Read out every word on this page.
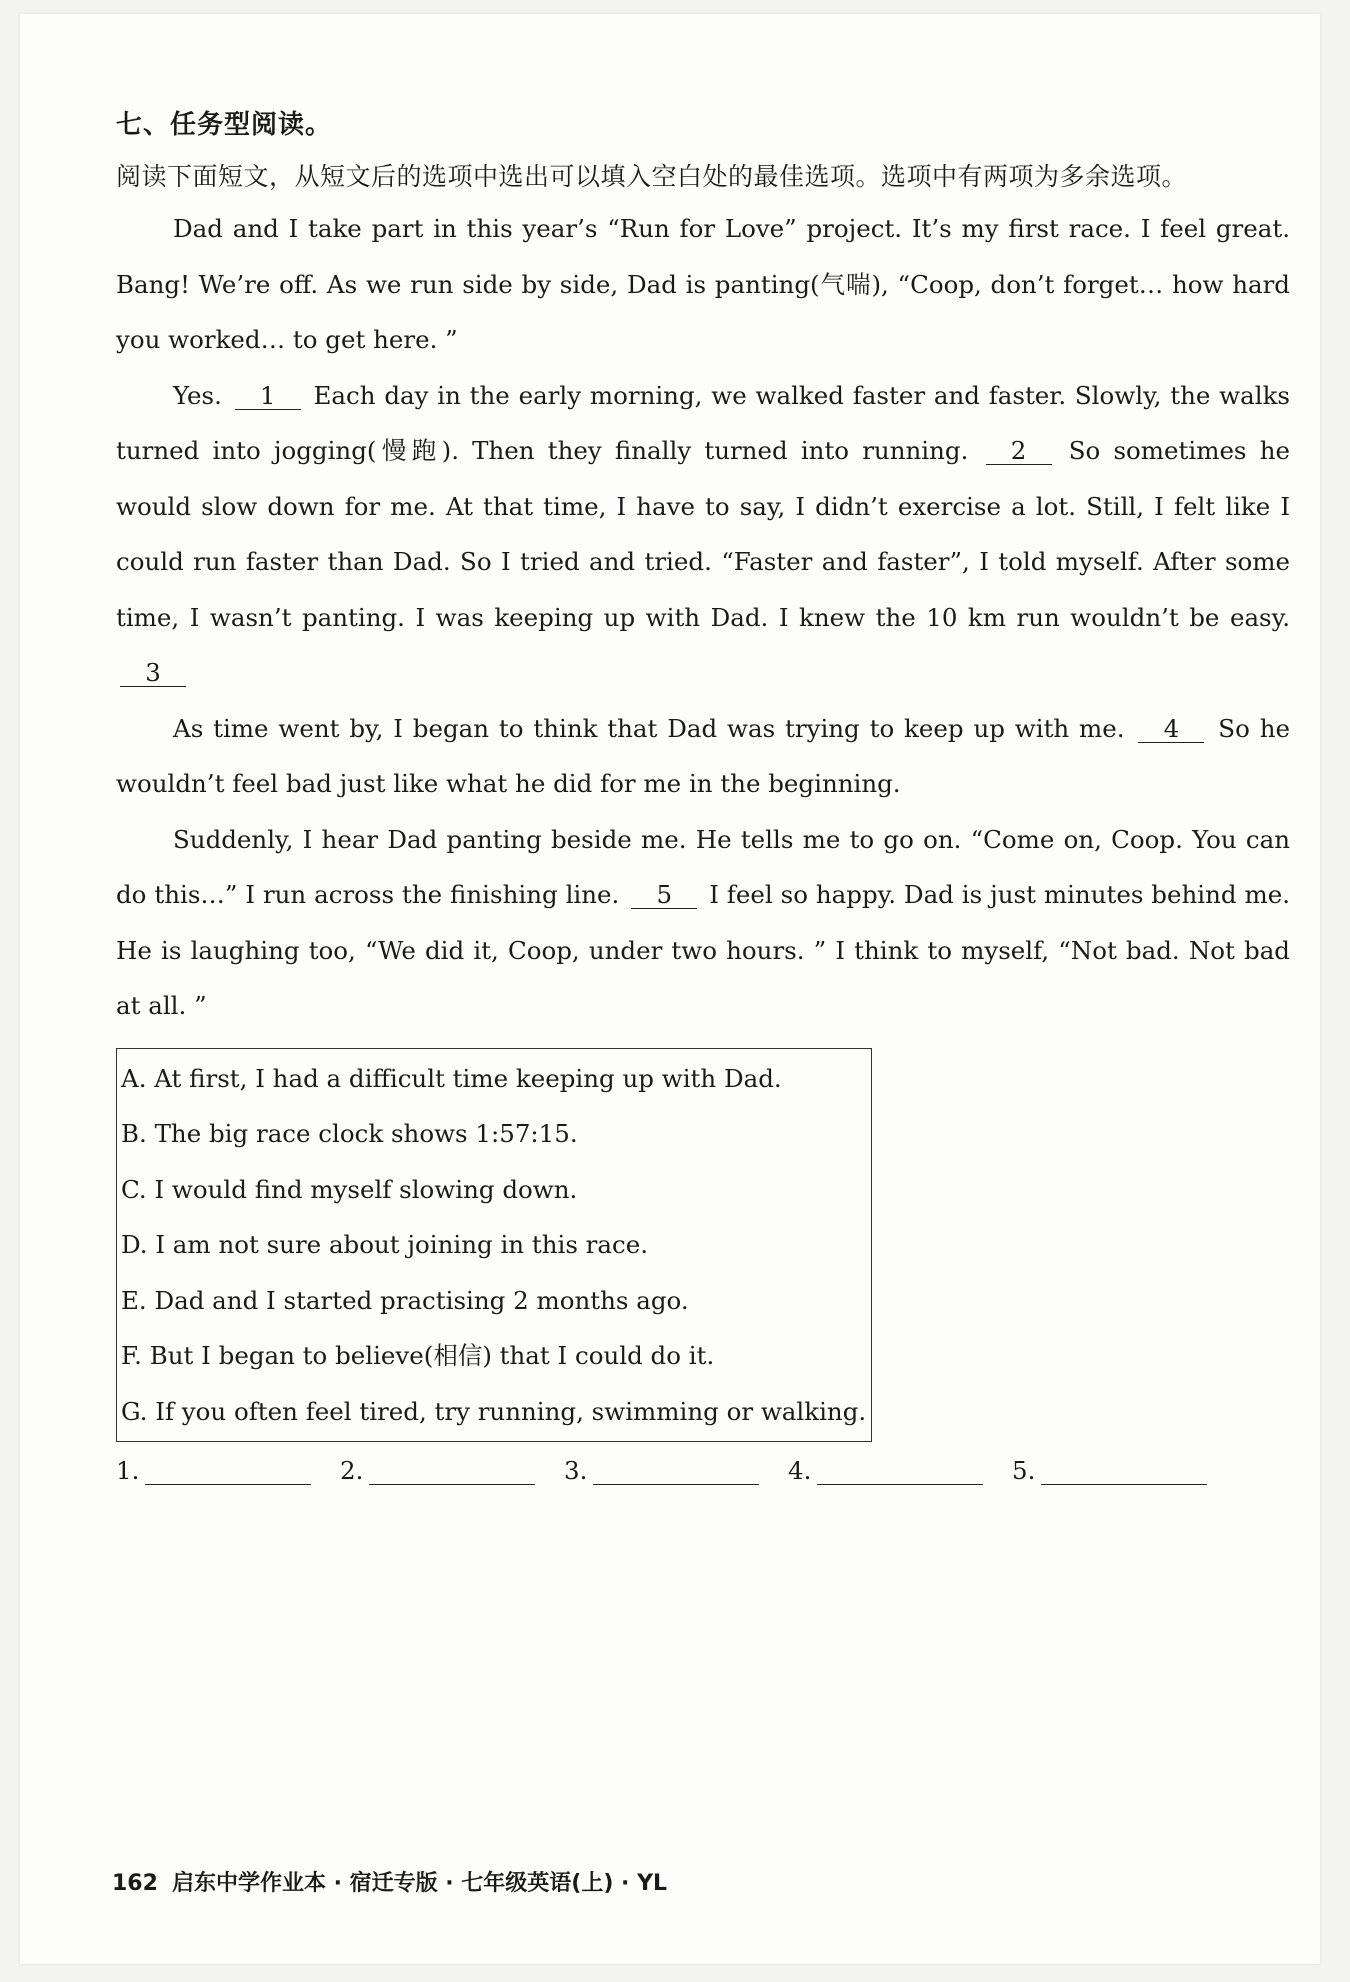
七、任务型阅读。
阅读下面短文，从短文后的选项中选出可以填入空白处的最佳选项。选项中有两项为多余选项。

Dad and I take part in this year’s “Run for Love” project. It’s my first race. I feel great. Bang! We’re off. As we run side by side, Dad is panting(气喘), “Coop, don’t forget… how hard you worked… to get here. ”

Yes. 1 Each day in the early morning, we walked faster and faster. Slowly, the walks turned into jogging(慢跑). Then they finally turned into running. 2 So sometimes he would slow down for me. At that time, I have to say, I didn’t exercise a lot. Still, I felt like I could run faster than Dad. So I tried and tried. “Faster and faster”, I told myself. After some time, I wasn’t panting. I was keeping up with Dad. I knew the 10 km run wouldn’t be easy. 3

As time went by, I began to think that Dad was trying to keep up with me. 4 So he wouldn’t feel bad just like what he did for me in the beginning.

Suddenly, I hear Dad panting beside me. He tells me to go on. “Come on, Coop. You can do this…” I run across the finishing line. 5 I feel so happy. Dad is just minutes behind me. He is laughing too, “We did it, Coop, under two hours. ” I think to myself, “Not bad. Not bad at all. ”

A. At first, I had a difficult time keeping up with Dad.
B. The big race clock shows 1:57:15.
C. I would find myself slowing down.
D. I am not sure about joining in this race.
E. Dad and I started practising 2 months ago.
F. But I began to believe(相信) that I could do it.
G. If you often feel tired, try running, swimming or walking.
1.	2.	3.	4.	5.
162 启东中学作业本 · 宿迁专版 · 七年级英语(上) · YL
